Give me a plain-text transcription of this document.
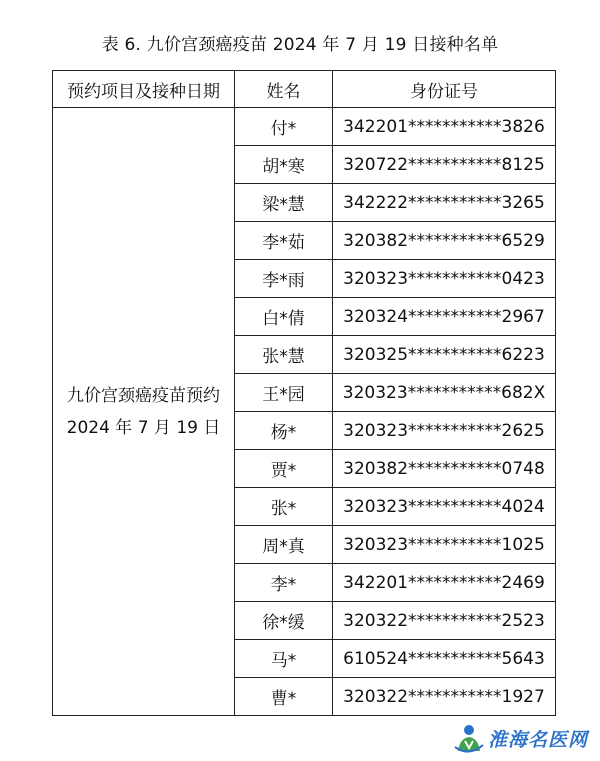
表 6. 九价宫颈癌疫苗 2024 年 7 月 19 日接种名单
预约项目及接种日期	姓名	身份证号

九价宫颈癌疫苗预约
2024 年 7 月 19 日	付*	342201***********3826
	胡*寒	320722***********8125
	梁*慧	342222***********3265
	李*茹	320382***********6529
	李*雨	320323***********0423
	白*倩	320324***********2967
	张*慧	320325***********6223
	王*园	320323***********682X
	杨*	320323***********2625
	贾*	320382***********0748
	张*	320323***********4024
	周*真	320323***********1025
	李*	342201***********2469
	徐*缓	320322***********2523
	马*	610524***********5643
	曹*	320322***********1927
淮海名医网
